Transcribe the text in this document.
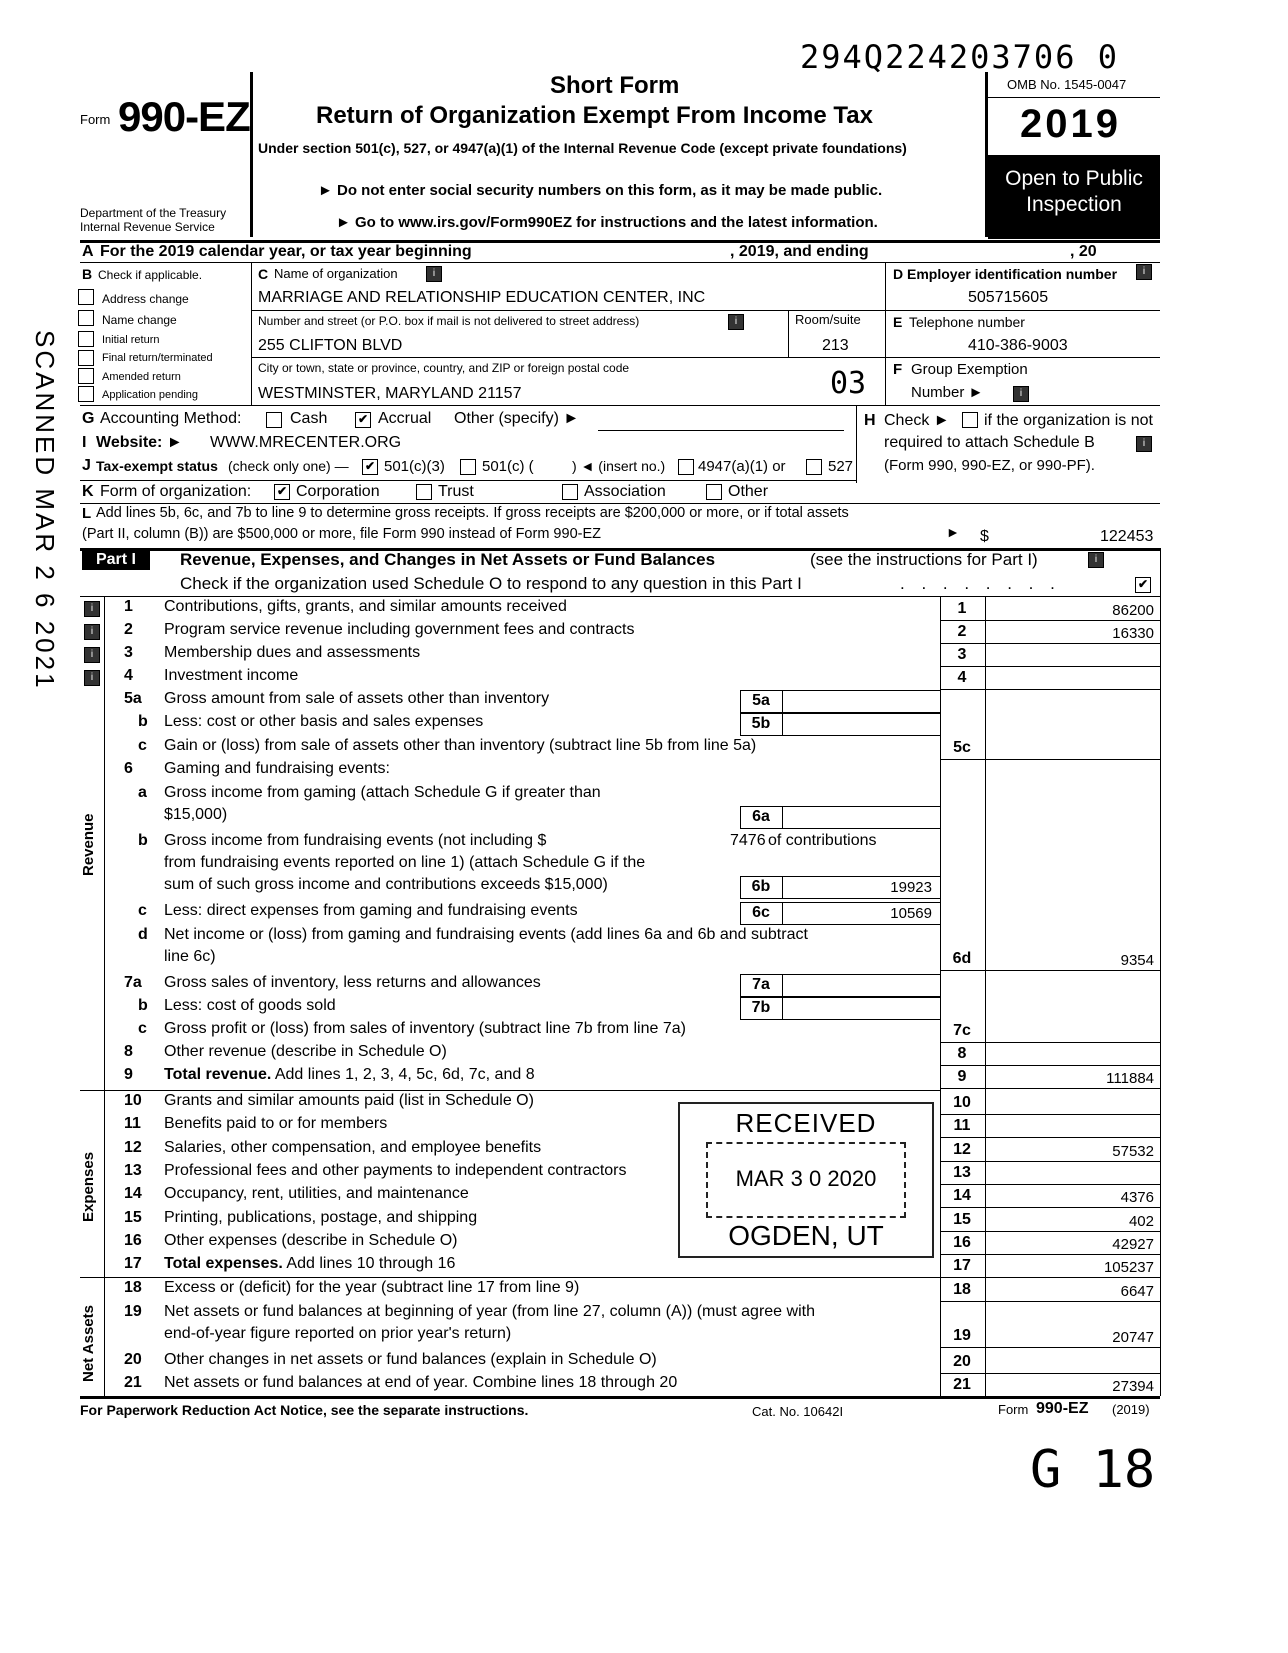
294Q224203706 0
Form 990-EZ
Department of the Treasury
Internal Revenue Service
Short Form
Return of Organization Exempt From Income Tax
Under section 501(c), 527, or 4947(a)(1) of the Internal Revenue Code (except private foundations)
► Do not enter social security numbers on this form, as it may be made public.
► Go to www.irs.gov/Form990EZ for instructions and the latest information.
OMB No. 1545-0047
2019
Open to Public
Inspection
A For the 2019 calendar year, or tax year beginning	, 2019, and ending	, 20
B Check if applicable.
Address change
Name change
Initial return
Final return/terminated
Amended return
Application pending
C Name of organization	i
MARRIAGE AND RELATIONSHIP EDUCATION CENTER, INC
Number and street (or P.O. box if mail is not delivered to street address)	i	Room/suite
255 CLIFTON BLVD	213
City or town, state or province, country, and ZIP or foreign postal code
WESTMINSTER, MARYLAND 21157	03
D Employer identification number	i
505715605
E Telephone number
410-386-9003
F Group Exemption
Number ►	i
G Accounting Method:	Cash	✔ Accrual Other (specify) ►	H Check ► if the organization is not
required to attach Schedule B	i
(Form 990, 990-EZ, or 990-PF).
I Website: ► WWW.MRECENTER.ORG
J Tax-exempt status (check only one) — ✔ 501(c)(3) 501(c) (	) ◄ (insert no.) 4947(a)(1) or	527
K Form of organization: ✔ Corporation	Trust	Association	Other
L Add lines 5b, 6c, and 7b to line 9 to determine gross receipts. If gross receipts are $200,000 or more, or if total assets
(Part II, column (B)) are $500,000 or more, file Form 990 instead of Form 990-EZ	► $	122453
Part I	Revenue, Expenses, and Changes in Net Assets or Fund Balances	(see the instructions for Part I)	i
Check if the organization used Schedule O to respond to any question in this Part I	. . . . . . . .	✔
i
i
i
i
Revenue
Expenses
Net Assets
1 Contributions, gifts, grants, and similar amounts received	1	86200
2 Program service revenue including government fees and contracts	2	16330
3 Membership dues and assessments	3
4 Investment income	4
5a Gross amount from sale of assets other than inventory	5a
b Less: cost or other basis and sales expenses	5b
c Gain or (loss) from sale of assets other than inventory (subtract line 5b from line 5a)	5c
6 Gaming and fundraising events:
a Gross income from gaming (attach Schedule G if greater than
$15,000)	6a
b Gross income from fundraising events (not including $	7476 of contributions
from fundraising events reported on line 1) (attach Schedule G if the
sum of such gross income and contributions exceeds $15,000)	6b	19923
c Less: direct expenses from gaming and fundraising events	6c	10569
d Net income or (loss) from gaming and fundraising events (add lines 6a and 6b and subtract
line 6c)	6d	9354
7a Gross sales of inventory, less returns and allowances	7a
b Less: cost of goods sold	7b
c Gross profit or (loss) from sales of inventory (subtract line 7b from line 7a)	7c
8 Other revenue (describe in Schedule O)	8
9 Total revenue. Add lines 1, 2, 3, 4, 5c, 6d, 7c, and 8	9	111884
10 Grants and similar amounts paid (list in Schedule O)	10
11 Benefits paid to or for members	11
12 Salaries, other compensation, and employee benefits	12	57532
13 Professional fees and other payments to independent contractors	13
14 Occupancy, rent, utilities, and maintenance	14	4376
15 Printing, publications, postage, and shipping	15	402
16 Other expenses (describe in Schedule O)	16	42927
17 Total expenses. Add lines 10 through 16	17	105237
18 Excess or (deficit) for the year (subtract line 17 from line 9)	18	6647
19 Net assets or fund balances at beginning of year (from line 27, column (A)) (must agree with
end-of-year figure reported on prior year's return)	19	20747
20 Other changes in net assets or fund balances (explain in Schedule O)	20
21 Net assets or fund balances at end of year. Combine lines 18 through 20	21	27394
RECEIVED
MAR 3 0 2020
OGDEN, UT
SCANNED MAR 2 6 2021
For Paperwork Reduction Act Notice, see the separate instructions.	Cat. No. 10642I	Form 990-EZ (2019)
G 18
